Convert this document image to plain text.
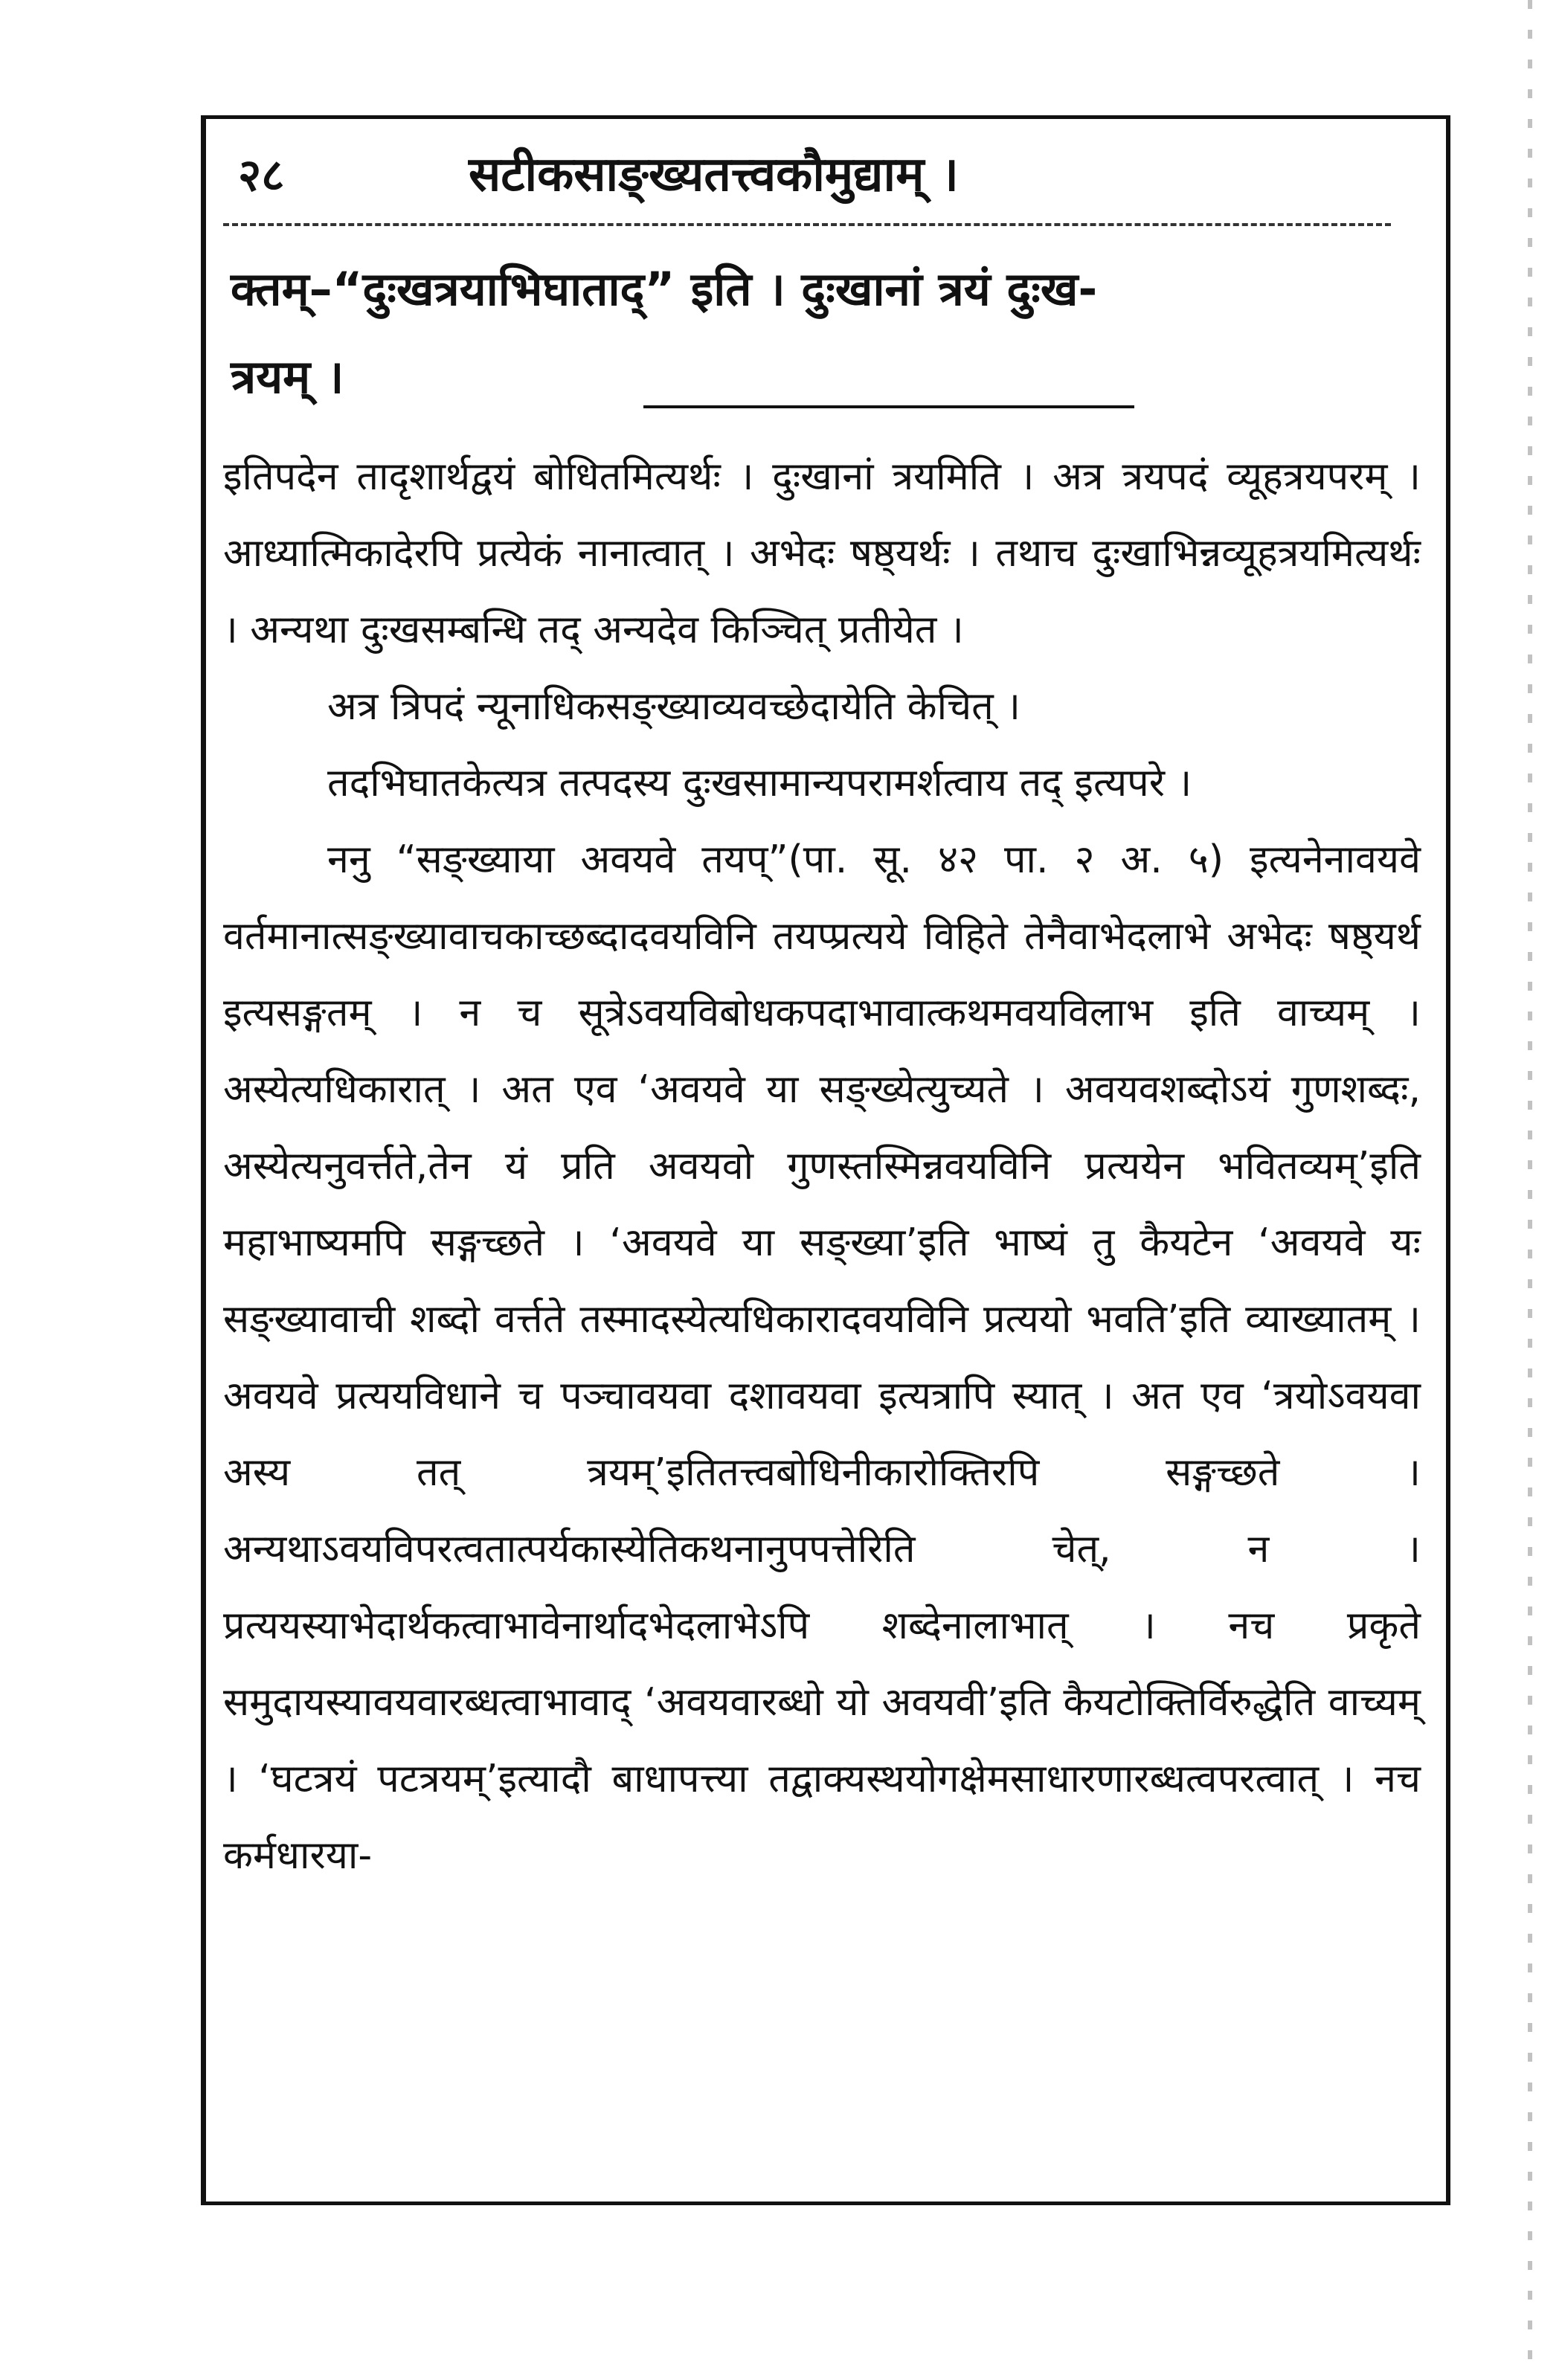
२८	सटीकसाङ्ख्यतत्त्वकौमुद्याम् ।
क्तम्–“दुःखत्रयाभिघाताद्” इति । दुःखानां त्रयं दुःख-
त्रयम् ।

इतिपदेन तादृशार्थद्वयं बोधितमित्यर्थः । दुःखानां त्रयमिति । अत्र त्रयपदं व्यूहत्रयपरम् । आध्यात्मिकादेरपि प्रत्येकं नानात्वात् । अभेदः षष्ठ्यर्थः । तथाच दुःखाभिन्नव्यूहत्रयमित्यर्थः । अन्यथा दुःखसम्बन्धि तद् अन्यदेव किञ्चित् प्रतीयेत ।

अत्र त्रिपदं न्यूनाधिकसङ्ख्याव्यवच्छेदायेति केचित् ।

तदभिघातकेत्यत्र तत्पदस्य दुःखसामान्यपरामर्शत्वाय तद् इत्यपरे ।

ननु “सङ्ख्याया अवयवे तयप्”(पा. सू. ४२ पा. २ अ. ५) इत्यनेनावयवे वर्तमानात्सङ्ख्यावाचकाच्छब्दादवयविनि तयप्प्रत्यये विहिते तेनैवाभेदलाभे अभेदः षष्ठ्यर्थ इत्यसङ्गतम् । न च सूत्रेऽवयविबोधकपदाभावात्कथमवयविलाभ इति वाच्यम् । अस्येत्यधिकारात् । अत एव ‘अवयवे या सङ्ख्येत्युच्यते । अवयवशब्दोऽयं गुणशब्दः, अस्येत्यनुवर्त्तते,तेन यं प्रति अवयवो गुणस्तस्मिन्नवयविनि प्रत्ययेन भवितव्यम्’इति महाभाष्यमपि सङ्गच्छते । ‘अवयवे या सङ्ख्या’इति भाष्यं तु कैयटेन ‘अवयवे यः सङ्ख्यावाची शब्दो वर्त्तते तस्मादस्येत्यधिकारादवयविनि प्रत्ययो भवति’इति व्याख्यातम् । अवयवे प्रत्ययविधाने च पञ्चावयवा दशावयवा इत्यत्रापि स्यात् । अत एव ‘त्रयोऽवयवा अस्य तत् त्रयम्’इतितत्त्वबोधिनीकारोक्तिरपि सङ्गच्छते । अन्यथाऽवयविपरत्वतात्पर्यकास्येतिकथनानुपपत्तेरिति चेत्, न । प्रत्ययस्याभेदार्थकत्वाभावेनार्थादभेदलाभेऽपि शब्देनालाभात् । नच प्रकृते समुदायस्यावयवारब्धत्वाभावाद् ‘अवयवारब्धो यो अवयवी’इति कैयटोक्तिर्विरुद्धेति वाच्यम् । ‘घटत्रयं पटत्रयम्’इत्यादौ बाधापत्त्या तद्वाक्यस्थयोगक्षेमसाधारणारब्धत्वपरत्वात् । नच कर्मधारया-
